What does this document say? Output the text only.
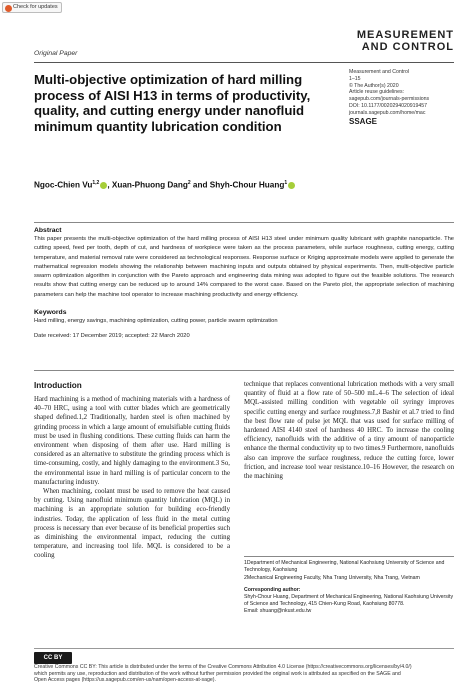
Check for updates
MEASUREMENT
AND CONTROL
Original Paper
Multi-objective optimization of hard milling process of AISI H13 in terms of productivity, quality, and cutting energy under nanofluid minimum quantity lubrication condition
Measurement and Control
1–15
© The Author(s) 2020
Article reuse guidelines:
sagepub.com/journals-permissions
DOI: 10.1177/0020294020919457
journals.sagepub.com/home/mac
SSAGE
Ngoc-Chien Vu$^{1,2}$ , Xuan-Phuong Dang$^2$ and Shyh-Chour Huang$^1$
Abstract

This paper presents the multi-objective optimization of the hard milling process of AISI H13 steel under minimum quality lubricant with graphite nanoparticle. The cutting speed, feed per tooth, depth of cut, and hardness of workpiece were taken as the process parameters, while surface roughness, cutting energy, cutting temperature, and material removal rate were considered as technological responses. Response surface or Kriging approximate models were applied to generate the mathematical regression models showing the relationship between machining inputs and outputs obtained by physical experiments. Then, multi-objective particle swarm optimization algorithm in conjunction with the Pareto approach and engineering data mining was adopted to figure out the feasible solutions. The research results show that cutting energy can be reduced up to around 14% compared to the worst case. Based on the Pareto plot, the appropriate selection of machining parameters can help the machine tool operator to increase machining productivity and energy efficiency.

Keywords

Hard milling, energy savings, machining optimization, cutting power, particle swarm optimization

Date received: 17 December 2019; accepted: 22 March 2020

Introduction

Hard machining is a method of machining materials with a hardness of 40–70 HRC, using a tool with cutter blades which are geometrically shaped defined.1,2 Traditionally, harden steel is often machined by grinding process in which a large amount of emulsifiable cutting fluids must be used in flushing conditions. These cutting fluids can harm the environment when disposing of them after use. Hard milling is considered as an alternative to substitute the grinding process which is time-consuming, costly, and highly damaging to the environment.3 So, the environmental issue in hard milling is of particular concern to the manufacturing industry.

When machining, coolant must be used to remove the heat caused by cutting. Using nanofluid minimum quantity lubrication (MQL) in machining is an appropriate solution for building eco-friendly industries. Today, the application of less fluid in the metal cutting process is necessary than ever because of its beneficial properties such as diminishing the environmental impact, reducing the cutting temperature, and increasing tool life. MQL is considered to be a cooling

technique that replaces conventional lubrication methods with a very small quantity of fluid at a flow rate of 50–500 mL.4–6 The selection of ideal MQL-assisted milling condition with vegetable oil syringy improves specific cutting energy and surface roughness.7,8 Bashir et al.7 tried to find the best flow rate of pulse jet MQL that was used for surface milling of hardened AISI 4140 steel of hardness 40 HRC. To increase the cooling efficiency, nanofluids with the additive of a tiny amount of nanoparticle enhance the thermal conductivity up to two times.9 Furthermore, nanofluids also can improve the surface roughness, reduce the cutting force, lower friction, and increase tool wear resistance.10–16 However, the research on the machining

1Department of Mechanical Engineering, National Kaohsiung University of Science and Technology, Kaohsiung
2Mechanical Engineering Faculty, Nha Trang University, Nha Trang, Vietnam
Corresponding author:
Shyh-Chour Huang, Department of Mechanical Engineering, National Kaohsiung University of Science and Technology, 415 Chien-Kung Road, Kaohsiung 80778.
Email: shuang@nkust.edu.tw
CC BYCreative Commons CC BY: This article is distributed under the terms of the Creative Commons Attribution 4.0 License (https://creativecommons.org/licenses/by/4.0/) which permits any use, reproduction and distribution of the work without further permission provided the original work is attributed as specified on the SAGE and Open Access pages (https://us.sagepub.com/en-us/nam/open-access-at-sage).
